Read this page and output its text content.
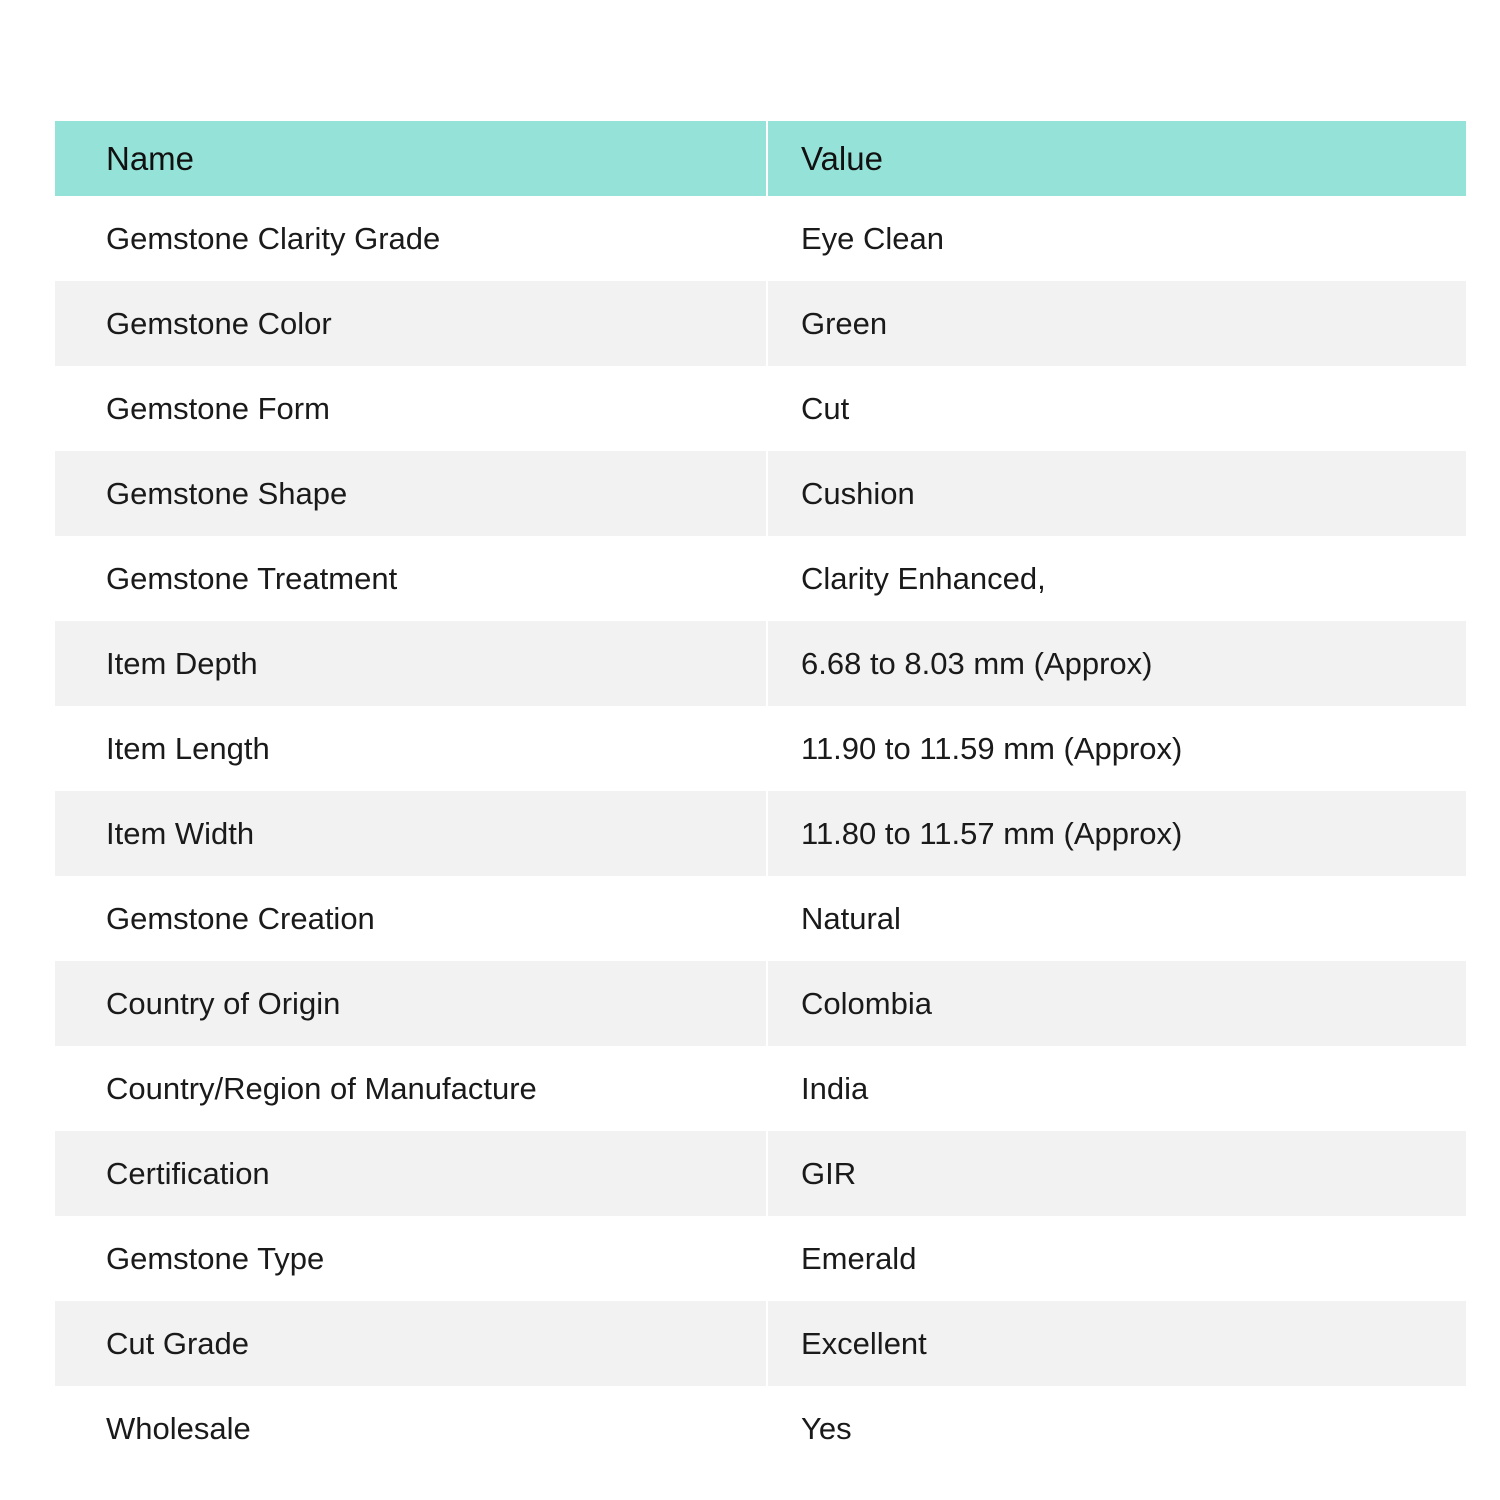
Name	Value
Gemstone Clarity Grade	Eye Clean
Gemstone Color	Green
Gemstone Form	Cut
Gemstone Shape	Cushion
Gemstone Treatment	Clarity Enhanced,
Item Depth	6.68 to 8.03 mm (Approx)
Item Length	11.90 to 11.59 mm (Approx)
Item Width	11.80 to 11.57 mm (Approx)
Gemstone Creation	Natural
Country of Origin	Colombia
Country/Region of Manufacture	India
Certification	GIR
Gemstone Type	Emerald
Cut Grade	Excellent
Wholesale	Yes
